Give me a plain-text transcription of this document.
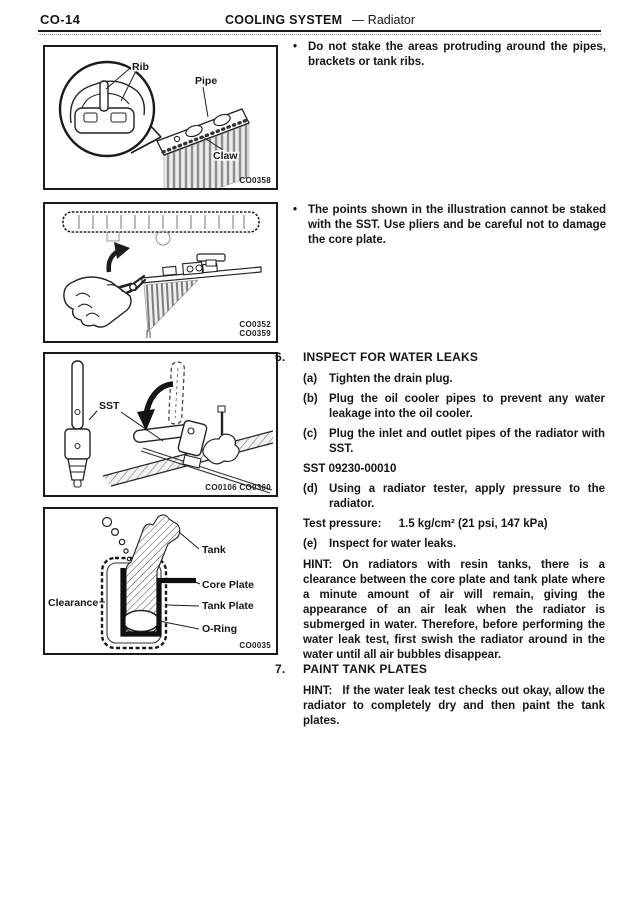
CO-14	COOLING SYSTEM — Radiator
Rib
Pipe
Claw
CO0358
CO0352
CO0359
SST
CO0106 CO0360
Tank
Core Plate
Tank Plate
O-Ring
Clearance
CO0035
• Do not stake the areas protruding around the pipes, brackets or tank ribs.

• The points shown in the illustration cannot be staked with the SST. Use pliers and be careful not to damage the core plate.

6.	INSPECT FOR WATER LEAKS
(a)	Tighten the drain plug.

(b) Plug the oil cooler pipes to prevent any water leakage into the oil cooler.

(c)	Plug the inlet and outlet pipes of the radiator with SST.

SST 09230-00010

(d) Using a radiator tester, apply pressure to the radiator.

Test pressure: 1.5 kg/cm² (21 psi, 147 kPa)

(e)	Inspect for water leaks.

HINT: On radiators with resin tanks, there is a clearance between the core plate and tank plate where a minute amount of air will remain, giving the appearance of an air leak when the radiator is submerged in water. Therefore, before performing the water leak test, first swish the radiator around in the water until all air bubbles disappear.

7.	PAINT TANK PLATES

HINT: If the water leak test checks out okay, allow the radiator to completely dry and then paint the tank plates.
